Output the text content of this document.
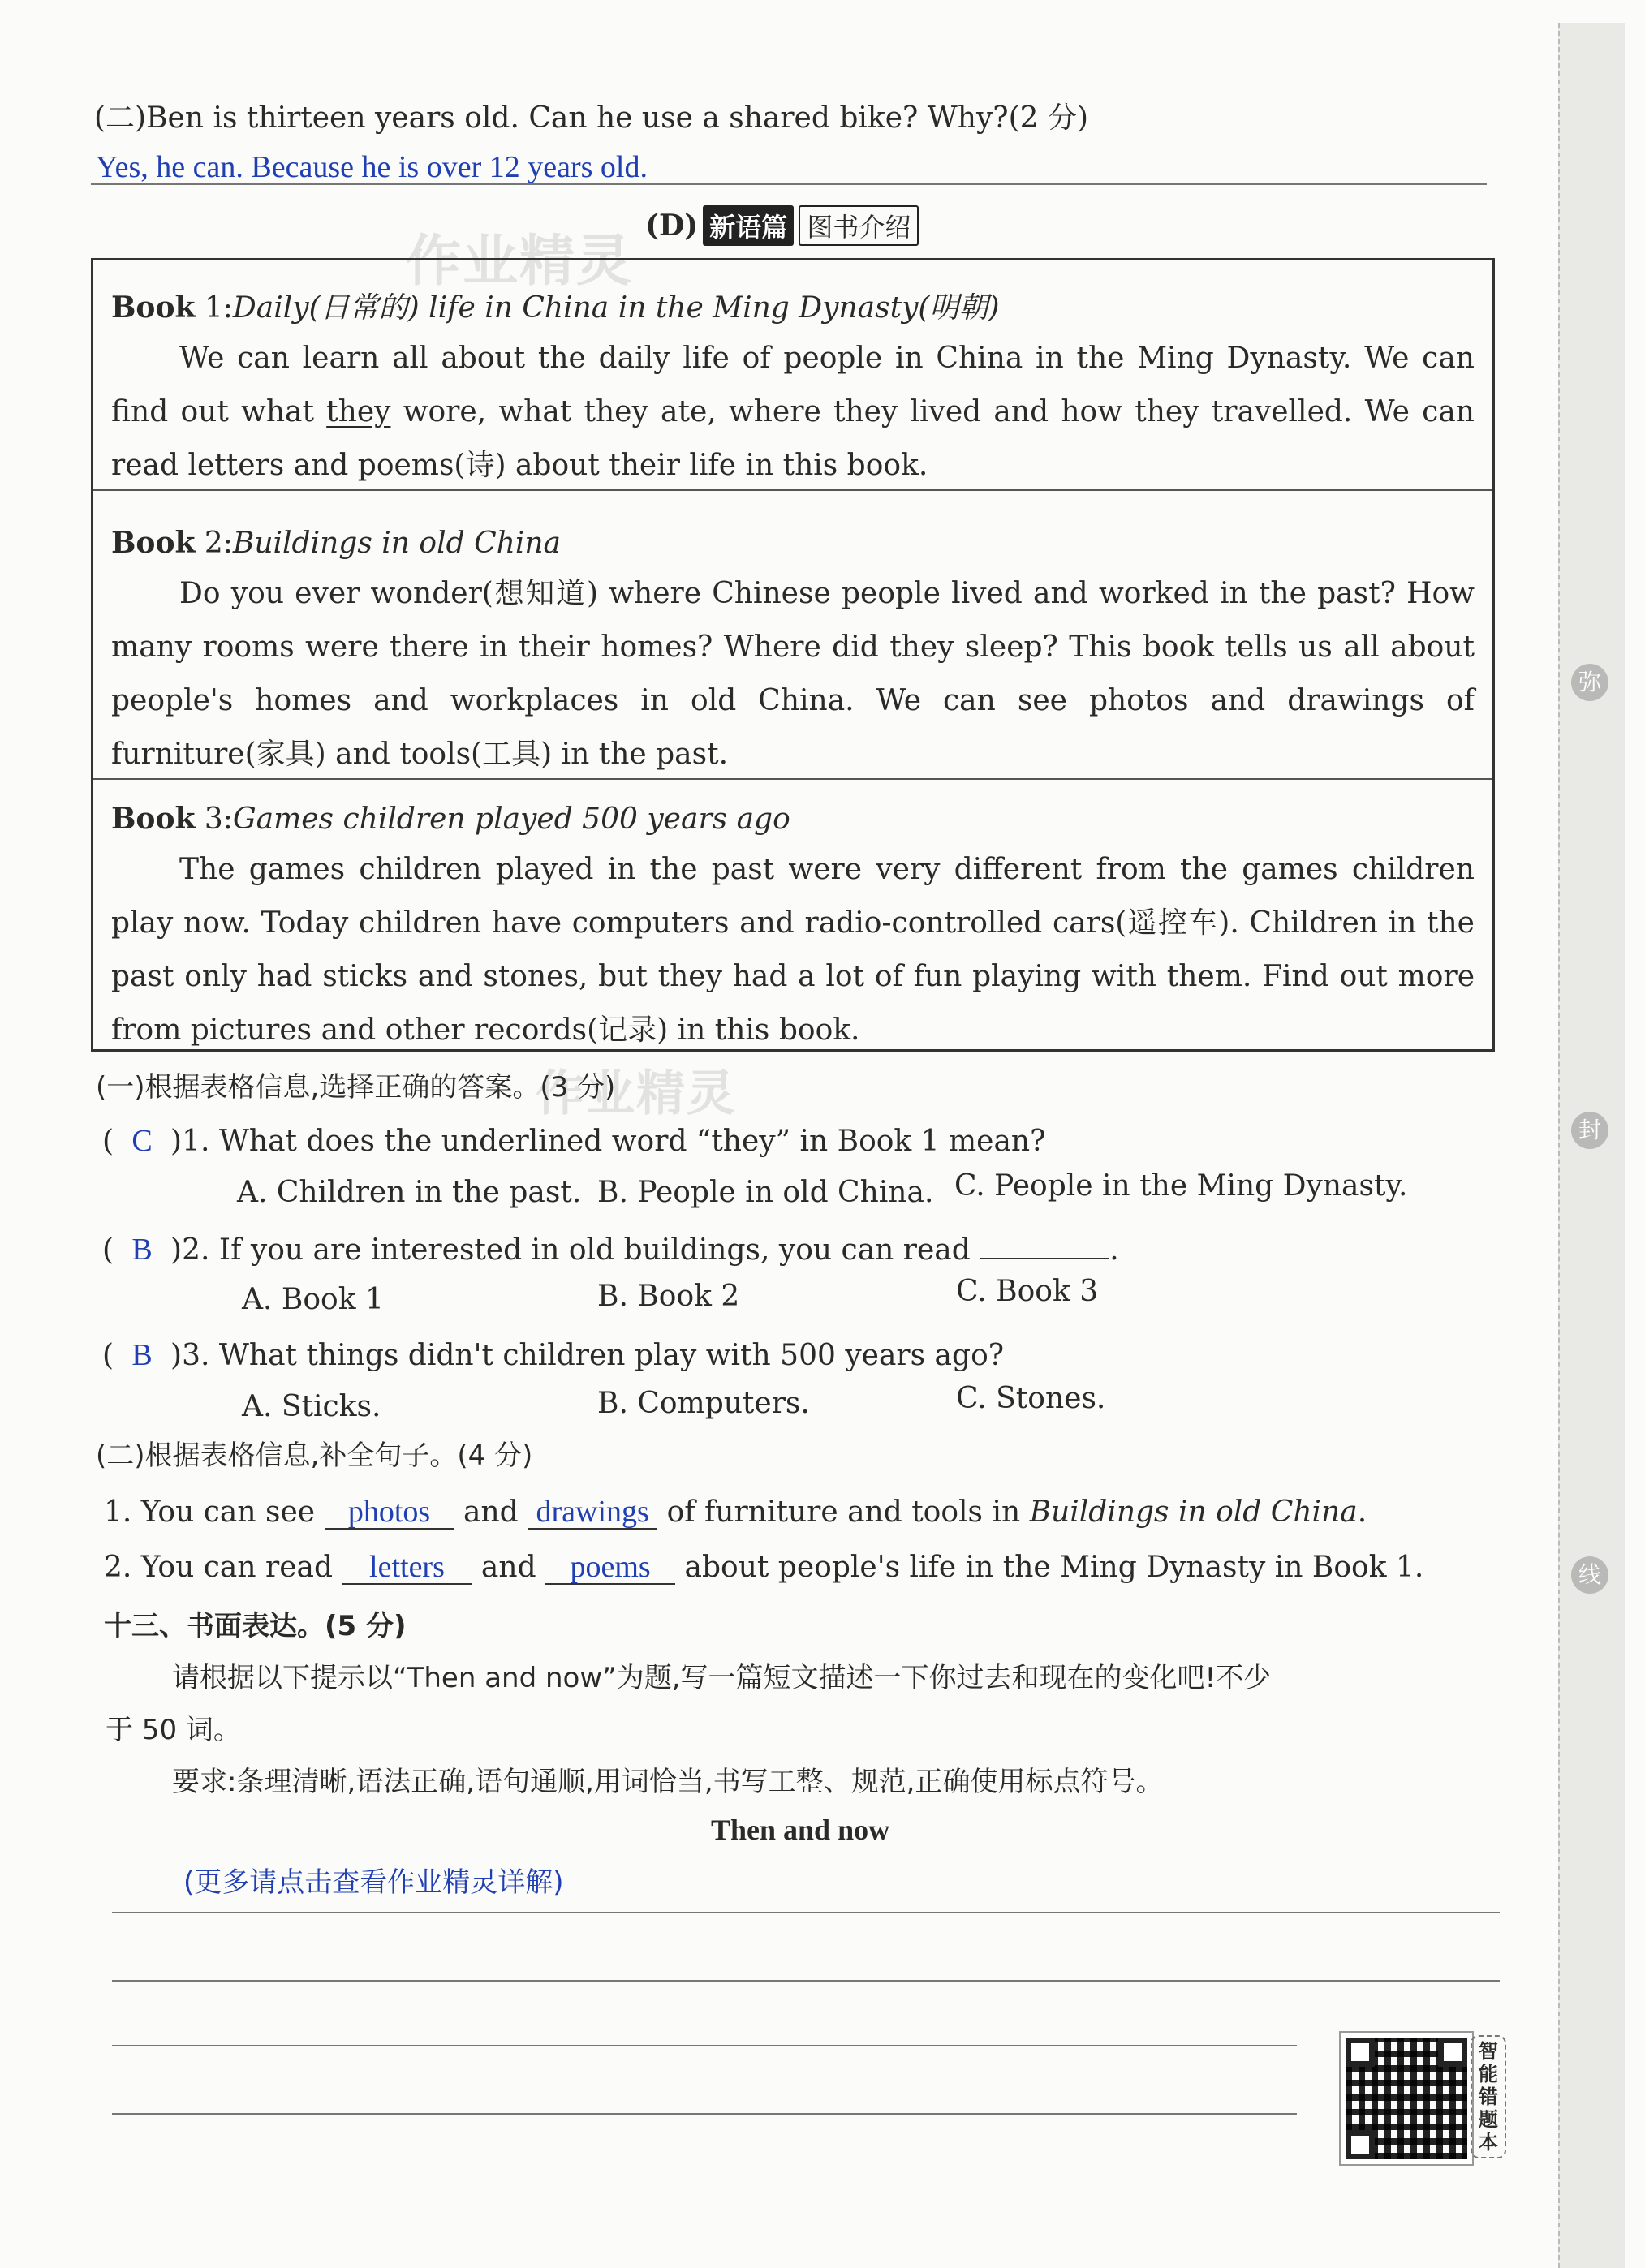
(二)Ben is thirteen years old. Can he use a shared bike? Why?(2 分)
Yes, he can. Because he is over 12 years old.
作业精灵
作业精灵
(D) 新语篇 图书介绍
Book 1:Daily(日常的) life in China in the Ming Dynasty(明朝)
We can learn all about the daily life of people in China in the Ming Dynasty. We can find out what they wore, what they ate, where they lived and how they travelled. We can read letters and poems(诗) about their life in this book.
Book 2:Buildings in old China
Do you ever wonder(想知道) where Chinese people lived and worked in the past? How many rooms were there in their homes? Where did they sleep? This book tells us all about people's homes and workplaces in old China. We can see photos and drawings of furniture(家具) and tools(工具) in the past.
Book 3:Games children played 500 years ago
The games children played in the past were very different from the games children play now. Today children have computers and radio-controlled cars(遥控车). Children in the past only had sticks and stones, but they had a lot of fun playing with them. Find out more from pictures and other records(记录) in this book.
(一)根据表格信息,选择正确的答案。(3 分)
( C )1. What does the underlined word “they” in Book 1 mean?
A. Children in the past. B. People in old China. C. People in the Ming Dynasty.
( B )2. If you are interested in old buildings, you can read	.
A. Book 1	B. Book 2	C. Book 3
( B )3. What things didn't children play with 500 years ago?
A. Sticks.	B. Computers.	C. Stones.
(二)根据表格信息,补全句子。(4 分)
1. You can see photos and drawings of furniture and tools in Buildings in old China.
2. You can read letters and poems about people's life in the Ming Dynasty in Book 1.
十三、书面表达。(5 分)
请根据以下提示以“Then and now”为题,写一篇短文描述一下你过去和现在的变化吧!不少
于 50 词。
要求:条理清晰,语法正确,语句通顺,用词恰当,书写工整、规范,正确使用标点符号。
Then and now
(更多请点击查看作业精灵详解)
智能错题本
弥
封
线
